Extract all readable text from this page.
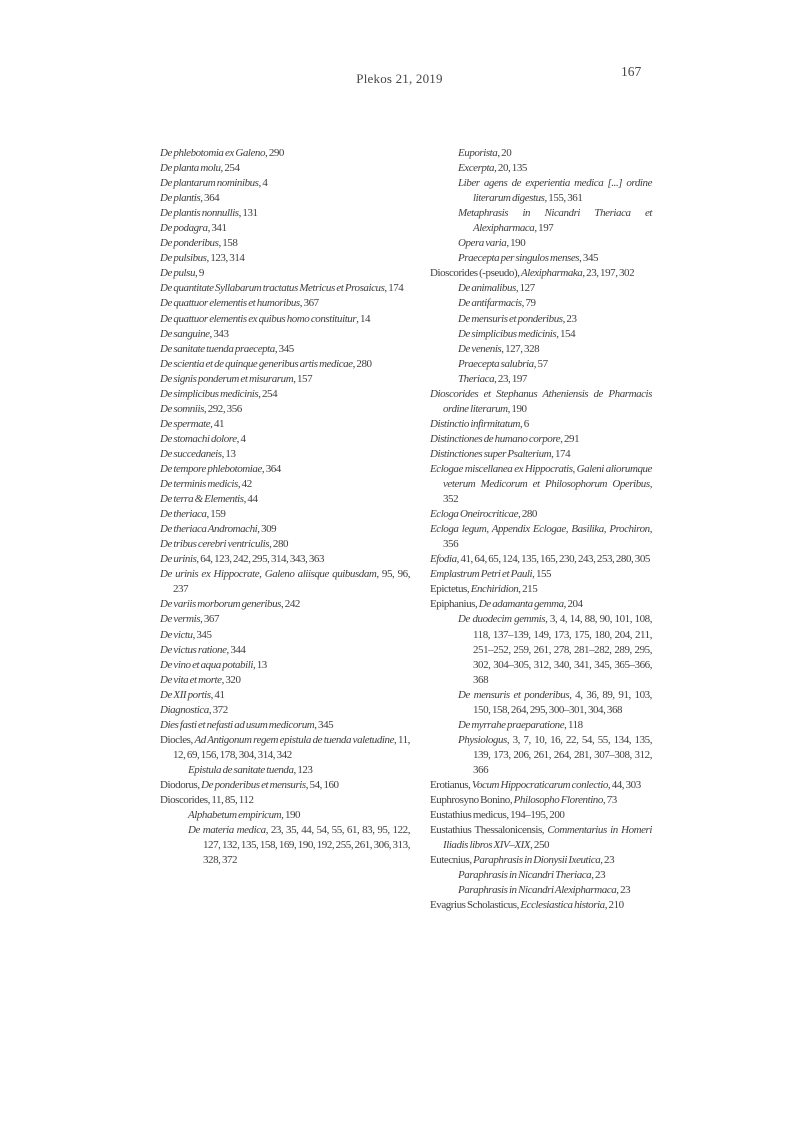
Plekos 21, 2019	167
De phlebotomia ex Galeno, 290
De planta molu, 254
De plantarum nominibus, 4
De plantis, 364
De plantis nonnullis, 131
De podagra, 341
De ponderibus, 158
De pulsibus, 123, 314
De pulsu, 9
De quantitate Syllabarum tractatus Metricus et Prosaicus, 174
De quattuor elementis et humoribus, 367
De quattuor elementis ex quibus homo constituitur, 14
De sanguine, 343
De sanitate tuenda praecepta, 345
De scientia et de quinque generibus artis medicae, 280
De signis ponderum et misurarum, 157
De simplicibus medicinis, 254
De somniis, 292, 356
De spermate, 41
De stomachi dolore, 4
De succedaneis, 13
De tempore phlebotomiae, 364
De terminis medicis, 42
De terra & Elementis, 44
De theriaca, 159
De theriaca Andromachi, 309
De tribus cerebri ventriculis, 280
De urinis, 64, 123, 242, 295, 314, 343, 363
De urinis ex Hippocrate, Galeno aliisque quibusdam, 95, 96, 237
De variis morborum generibus, 242
De vermis, 367
De victu, 345
De victus ratione, 344
De vino et aqua potabili, 13
De vita et morte, 320
De XII portis, 41
Diagnostica, 372
Dies fasti et nefasti ad usum medicorum, 345
Diocles, Ad Antigonum regem epistula de tuenda valetudine, 11, 12, 69, 156, 178, 304, 314, 342
Epistula de sanitate tuenda, 123
Diodorus, De ponderibus et mensuris, 54, 160
Dioscorides, 11, 85, 112
Alphabetum empiricum, 190
De materia medica, 23, 35, 44, 54, 55, 61, 83, 95, 122, 127, 132, 135, 158, 169, 190, 192, 255, 261, 306, 313, 328, 372
Euporista, 20
Excerpta, 20, 135
Liber agens de experientia medica [...] ordine literarum digestus, 155, 361
Metaphrasis in Nicandri Theriaca et Alexipharmaca, 197
Opera varia, 190
Praecepta per singulos menses, 345
Dioscorides (-pseudo), Alexipharmaka, 23, 197, 302
De animalibus, 127
De antifarmacis, 79
De mensuris et ponderibus, 23
De simplicibus medicinis, 154
De venenis, 127, 328
Praecepta salubria, 57
Theriaca, 23, 197
Dioscorides et Stephanus Atheniensis de Pharmacis ordine literarum, 190
Distinctio infirmitatum, 6
Distinctiones de humano corpore, 291
Distinctiones super Psalterium, 174
Eclogae miscellanea ex Hippocratis, Galeni aliorumque veterum Medicorum et Philosophorum Operibus, 352
Ecloga Oneirocriticae, 280
Ecloga legum, Appendix Eclogae, Basilika, Prochiron, 356
Efodia, 41, 64, 65, 124, 135, 165, 230, 243, 253, 280, 305
Emplastrum Petri et Pauli, 155
Epictetus, Enchiridion, 215
Epiphanius, De adamanta gemma, 204
De duodecim gemmis, 3, 4, 14, 88, 90, 101, 108, 118, 137–139, 149, 173, 175, 180, 204, 211, 251–252, 259, 261, 278, 281–282, 289, 295, 302, 304–305, 312, 340, 341, 345, 365–366, 368
De mensuris et ponderibus, 4, 36, 89, 91, 103, 150, 158, 264, 295, 300–301, 304, 368
De myrrahe praeparatione, 118
Physiologus, 3, 7, 10, 16, 22, 54, 55, 134, 135, 139, 173, 206, 261, 264, 281, 307–308, 312, 366
Erotianus, Vocum Hippocraticarum conlectio, 44, 303
Euphrosyno Bonino, Philosopho Florentino, 73
Eustathius medicus, 194–195, 200
Eustathius Thessalonicensis, Commentarius in Homeri Iliadis libros XIV–XIX, 250
Eutecnius, Paraphrasis in Dionysii Ixeutica, 23
Paraphrasis in Nicandri Theriaca, 23
Paraphrasis in Nicandri Alexipharmaca, 23
Evagrius Scholasticus, Ecclesiastica historia, 210
